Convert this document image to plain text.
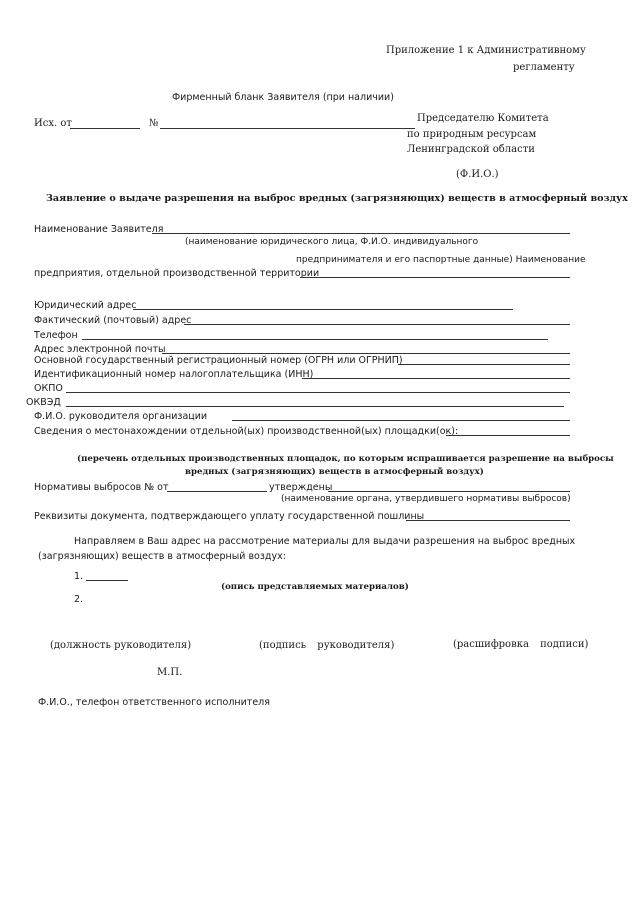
Приложение 1 к Административному
регламенту
Фирменный бланк Заявителя (при наличии)
Исх. от	№	Председателю Комитета
по природным ресурсам
Ленинградской области
(Ф.И.О.)
Заявление о выдаче разрешения на выброс вредных (загрязняющих) веществ в атмосферный воздух
Наименование Заявителя
(наименование юридического лица, Ф.И.О. индивидуального
предпринимателя и его паспортные данные) Наименование
предприятия, отдельной производственной территории
Юридический адрес
Фактический (почтовый) адрес
Телефон
Адрес электронной почты
Основной государственный регистрационный номер (ОГРН или ОГРНИП)
Идентификационный номер налогоплательщика (ИНН)
ОКПО
ОКВЭД
Ф.И.О. руководителя организации
Сведения о местонахождении отдельной(ых) производственной(ых) площадки(ок):
(перечень отдельных производственных площадок, по которым испрашивается разрешение на выбросы
вредных (загрязняющих) веществ в атмосферный воздух)
Нормативы выбросов № от	утверждены
(наименование органа, утвердившего нормативы выбросов)
Реквизиты документа, подтверждающего уплату государственной пошлины
Направляем в Ваш адрес на рассмотрение материалы для выдачи разрешения на выброс вредных
(загрязняющих) веществ в атмосферный воздух:
1.
(опись представляемых материалов)
2.
(должность руководителя)	(подпись руководителя)	(расшифровка подписи)
М.П.
Ф.И.О., телефон ответственного исполнителя
